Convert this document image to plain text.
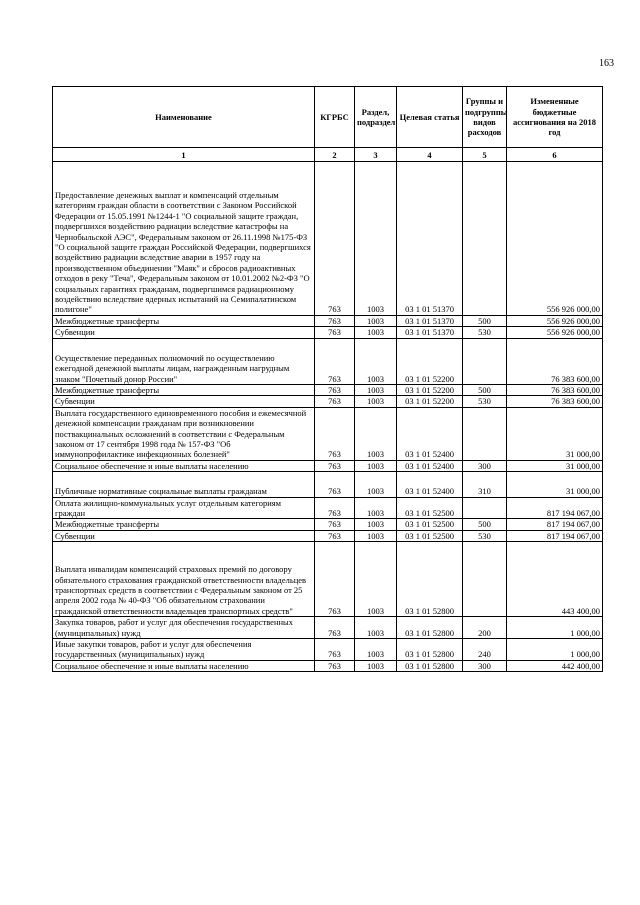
163
Наименование	КГРБС	Раздел, подраздел	Целевая статья	Группы и подгруппы видов расходов	Измененные бюджетные ассигнования на 2018 год
1	2	3	4	5	6
Предоставление денежных выплат и компенсаций отдельным категориям граждан области в соответствии с Законом Российской Федерации от 15.05.1991 №1244-1 "О социальной защите граждан, подвергшихся воздействию радиации вследствие катастрофы на Чернобыльской АЭС", Федеральным законом от 26.11.1998 №175-ФЗ "О социальной защите граждан Российской Федерации, подвергшихся воздействию радиации вследствие аварии в 1957 году на производственном объединении "Маяк" и сбросов радиоактивных отходов в реку "Теча", Федеральным законом от 10.01.2002 №2-ФЗ "О социальных гарантиях гражданам, подвергшимся радиационному воздействию вследствие ядерных испытаний на Семипалатинском полигоне"	763	1003	03 1 01 51370		556 926 000,00
Межбюджетные трансферты	763	1003	03 1 01 51370	500	556 926 000,00
Субвенции	763	1003	03 1 01 51370	530	556 926 000,00
Осуществление переданных полномочий по осуществлению ежегодной денежной выплаты лицам, награжденным нагрудным знаком "Почетный донор России"	763	1003	03 1 01 52200		76 383 600,00
Межбюджетные трансферты	763	1003	03 1 01 52200	500	76 383 600,00
Субвенции	763	1003	03 1 01 52200	530	76 383 600,00
Выплата государственного единовременного пособия и ежемесячной денежной компенсации гражданам при возникновении поствакцинальных осложнений в соответствии с Федеральным законом от 17 сентября 1998 года № 157-ФЗ "Об иммунопрофилактике инфекционных болезней"	763	1003	03 1 01 52400		31 000,00
Социальное обеспечение и иные выплаты населению	763	1003	03 1 01 52400	300	31 000,00
Публичные нормативные социальные выплаты гражданам	763	1003	03 1 01 52400	310	31 000,00
Оплата жилищно-коммунальных услуг отдельным категориям граждан	763	1003	03 1 01 52500		817 194 067,00
Межбюджетные трансферты	763	1003	03 1 01 52500	500	817 194 067,00
Субвенции	763	1003	03 1 01 52500	530	817 194 067,00
Выплата инвалидам компенсаций страховых премий по договору обязательного страхования гражданской ответственности владельцев транспортных средств в соответствии с Федеральным законом от 25 апреля 2002 года № 40-ФЗ "Об обязательном страховании гражданской ответственности владельцев транспортных средств"	763	1003	03 1 01 52800		443 400,00
Закупка товаров, работ и услуг для обеспечения государственных (муниципальных) нужд	763	1003	03 1 01 52800	200	1 000,00
Иные закупки товаров, работ и услуг для обеспечения государственных (муниципальных) нужд	763	1003	03 1 01 52800	240	1 000,00
Социальное обеспечение и иные выплаты населению	763	1003	03 1 01 52800	300	442 400,00
